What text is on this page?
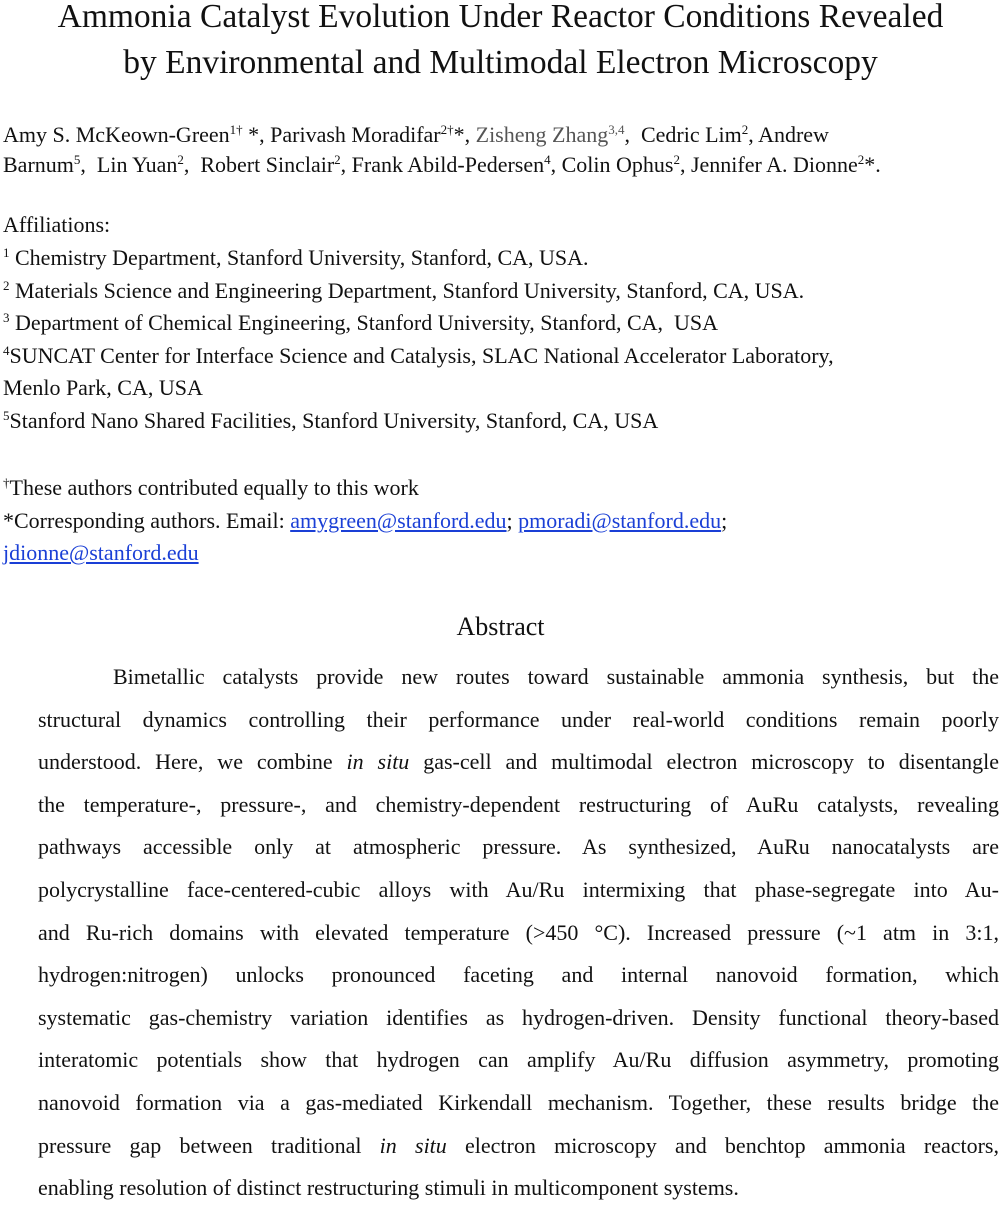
Ammonia Catalyst Evolution Under Reactor Conditions Revealed
by Environmental and Multimodal Electron Microscopy
Amy S. McKeown-Green$^{1\dagger}$ *, Parivash Moradifar$^{2\dagger}$*, Zisheng Zhang$^{3,4}$,  Cedric Lim$^2$, Andrew
Barnum$^5$,  Lin Yuan$^2$,  Robert Sinclair$^2$, Frank Abild-Pedersen$^4$, Colin Ophus$^2$, Jennifer A. Dionne$^2$*.
Affiliations:
$^1$ Chemistry Department, Stanford University, Stanford, CA, USA.
$^2$ Materials Science and Engineering Department, Stanford University, Stanford, CA, USA.
$^3$ Department of Chemical Engineering, Stanford University, Stanford, CA,  USA
$^4$SUNCAT Center for Interface Science and Catalysis, SLAC National Accelerator Laboratory,
Menlo Park, CA, USA
$^5$Stanford Nano Shared Facilities, Stanford University, Stanford, CA, USA
†These authors contributed equally to this work
*Corresponding authors. Email: amygreen@stanford.edu; pmoradi@stanford.edu;
jdionne@stanford.edu
Abstract
Bimetallic catalysts provide new routes toward sustainable ammonia synthesis, but the
structural dynamics controlling their performance under real-world conditions remain poorly
understood. Here, we combine in situ gas-cell and multimodal electron microscopy to disentangle
the temperature-, pressure-, and chemistry-dependent restructuring of AuRu catalysts, revealing
pathways accessible only at atmospheric pressure. As synthesized, AuRu nanocatalysts are
polycrystalline face-centered-cubic alloys with Au/Ru intermixing that phase-segregate into Au-
and Ru-rich domains with elevated temperature (>450 °C). Increased pressure (~1 atm in 3:1,
hydrogen:nitrogen) unlocks pronounced faceting and internal nanovoid formation, which
systematic gas-chemistry variation identifies as hydrogen-driven. Density functional theory-based
interatomic potentials show that hydrogen can amplify Au/Ru diffusion asymmetry, promoting
nanovoid formation via a gas-mediated Kirkendall mechanism. Together, these results bridge the
pressure gap between traditional in situ electron microscopy and benchtop ammonia reactors,
enabling resolution of distinct restructuring stimuli in multicomponent systems.
